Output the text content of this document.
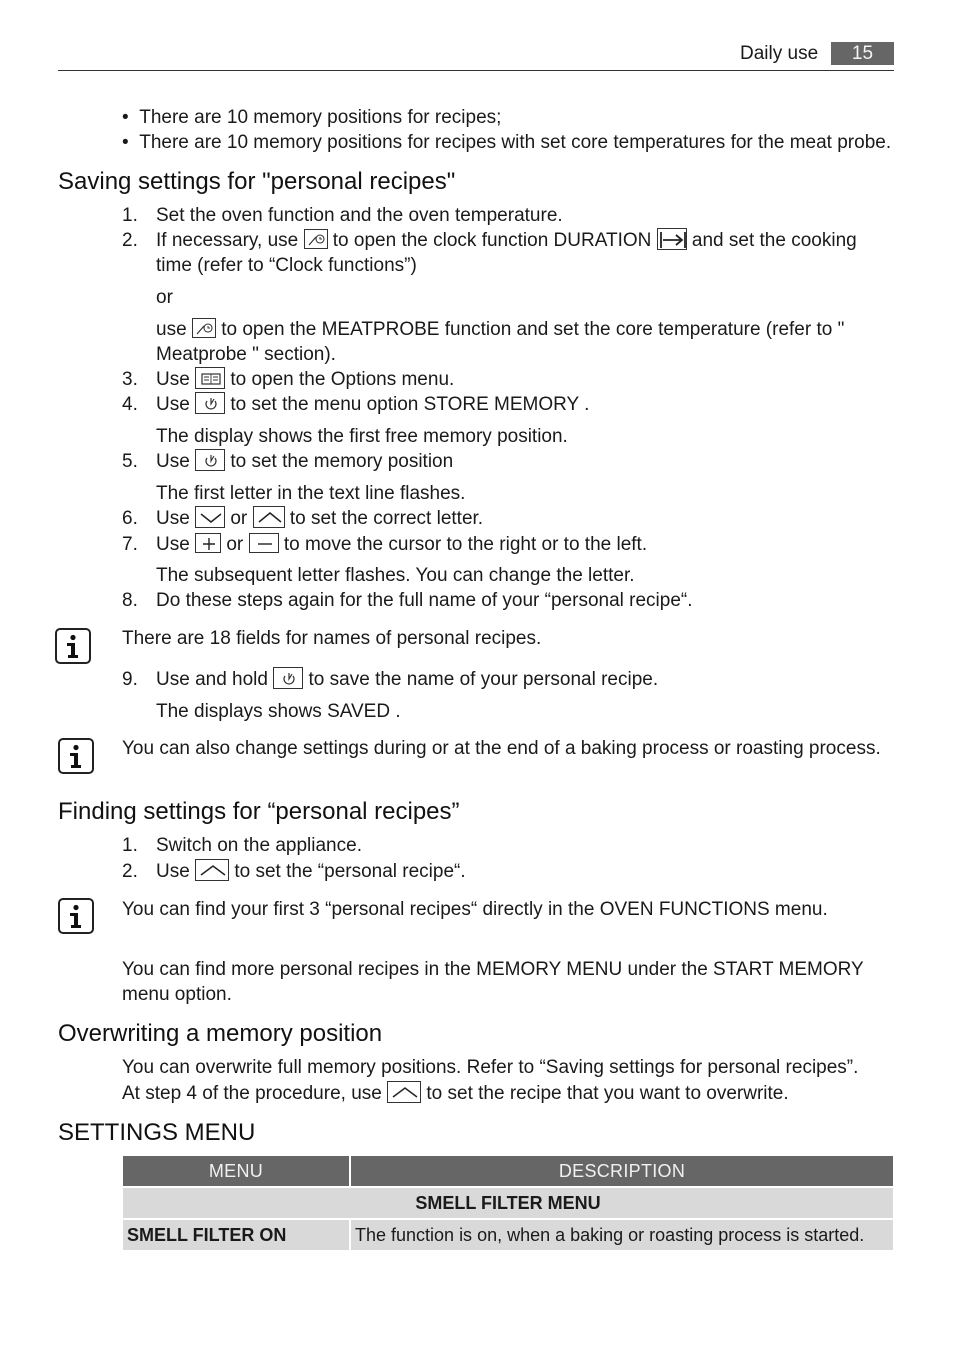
Daily use	15
•  There are 10 memory positions for recipes;
•  There are 10 memory positions for recipes with set core temperatures for the meat probe.
Saving settings for "personal recipes"
1. Set the oven function and the oven temperature.
2. If necessary, use to open the clock function DURATION and set the cooking
time (refer to “Clock functions”)
or
use to open the MEATPROBE function and set the core temperature (refer to "
Meatprobe " section).
3. Use to open the Options menu.
4. Use to set the menu option STORE MEMORY .
The display shows the first free memory position.
5. Use to set the memory position
The first letter in the text line flashes.
6. Use or to set the correct letter.
7. Use or to move the cursor to the right or to the left.
The subsequent letter flashes. You can change the letter.
8. Do these steps again for the full name of your “personal recipe“.
There are 18 fields for names of personal recipes.
9. Use and hold to save the name of your personal recipe.
The displays shows SAVED .
You can also change settings during or at the end of a baking process or roasting process.
Finding settings for “personal recipes”
1. Switch on the appliance.
2. Use to set the “personal recipe“.
You can find your first 3 “personal recipes“ directly in the OVEN FUNCTIONS menu.
You can find more personal recipes in the MEMORY MENU under the START MEMORY
menu option.
Overwriting a memory position
You can overwrite full memory positions. Refer to “Saving settings for personal recipes”.
At step 4 of the procedure, use to set the recipe that you want to overwrite.
SETTINGS MENU
MENU	DESCRIPTION
SMELL FILTER MENU	
SMELL FILTER ON	The function is on, when a baking or roasting process is started.
